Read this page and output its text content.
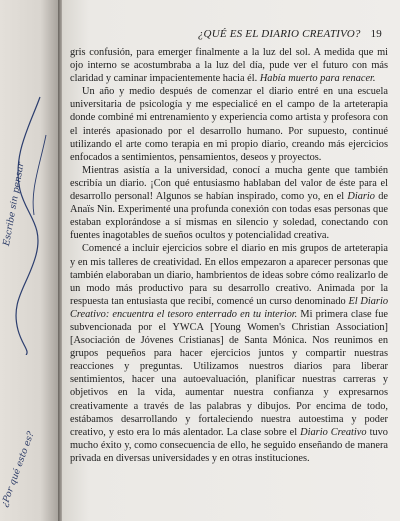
Escribe sin pensar
¿Por qué esto es?
¿QUÉ ES EL DIARIO CREATIVO? 19

gris confusión, para emerger finalmente a la luz del sol. A medida que mi ojo interno se acostumbraba a la luz del día, pude ver el futuro con más claridad y caminar impacientemente hacia él. Había muerto para renacer.

Un año y medio después de comenzar el diario entré en una escuela universitaria de psicología y me especialicé en el campo de la arteterapia donde combiné mi entrenamiento y experiencia como artista y profesora con el interés apasionado por el desarrollo humano. Por supuesto, continué utilizando el arte como terapia en mi propio diario, creando más ejercicios enfocados a sentimientos, pensamientos, deseos y proyectos.

Mientras asistía a la universidad, conocí a mucha gente que también escribía un diario. ¡Con qué entusiasmo hablaban del valor de éste para el desarrollo personal! Algunos se habían inspirado, como yo, en el Diario de Anaïs Nin. Experimenté una profunda conexión con todas esas personas que estaban explorándose a sí mismas en silencio y soledad, conectando con fuentes inagotables de sueños ocultos y potencialidad creativa.

Comencé a incluir ejercicios sobre el diario en mis grupos de arteterapia y en mis talleres de creatividad. En ellos empezaron a aparecer personas que también elaboraban un diario, hambrientos de ideas sobre cómo realizarlo de un modo más productivo para su desarrollo creativo. Animada por la respuesta tan entusiasta que recibí, comencé un curso denominado El Diario Creativo: encuentra el tesoro enterrado en tu interior. Mi primera clase fue subvencionada por el YWCA [Young Women's Christian Association] [Asociación de Jóvenes Cristianas] de Santa Mónica. Nos reunimos en grupos pequeños para hacer ejercicios juntos y compartir nuestras reacciones y preguntas. Utilizamos nuestros diarios para liberar sentimientos, hacer una autoevaluación, planificar nuestras carreras y objetivos en la vida, aumentar nuestra confianza y expresarnos creativamente a través de las palabras y dibujos. Por encima de todo, estábamos desarrollando y fortaleciendo nuestra autoestima y poder creativo, y esto era lo más alentador. La clase sobre el Diario Creativo tuvo mucho éxito y, como consecuencia de ello, he seguido enseñando de manera privada en diversas universidades y en otras instituciones.
